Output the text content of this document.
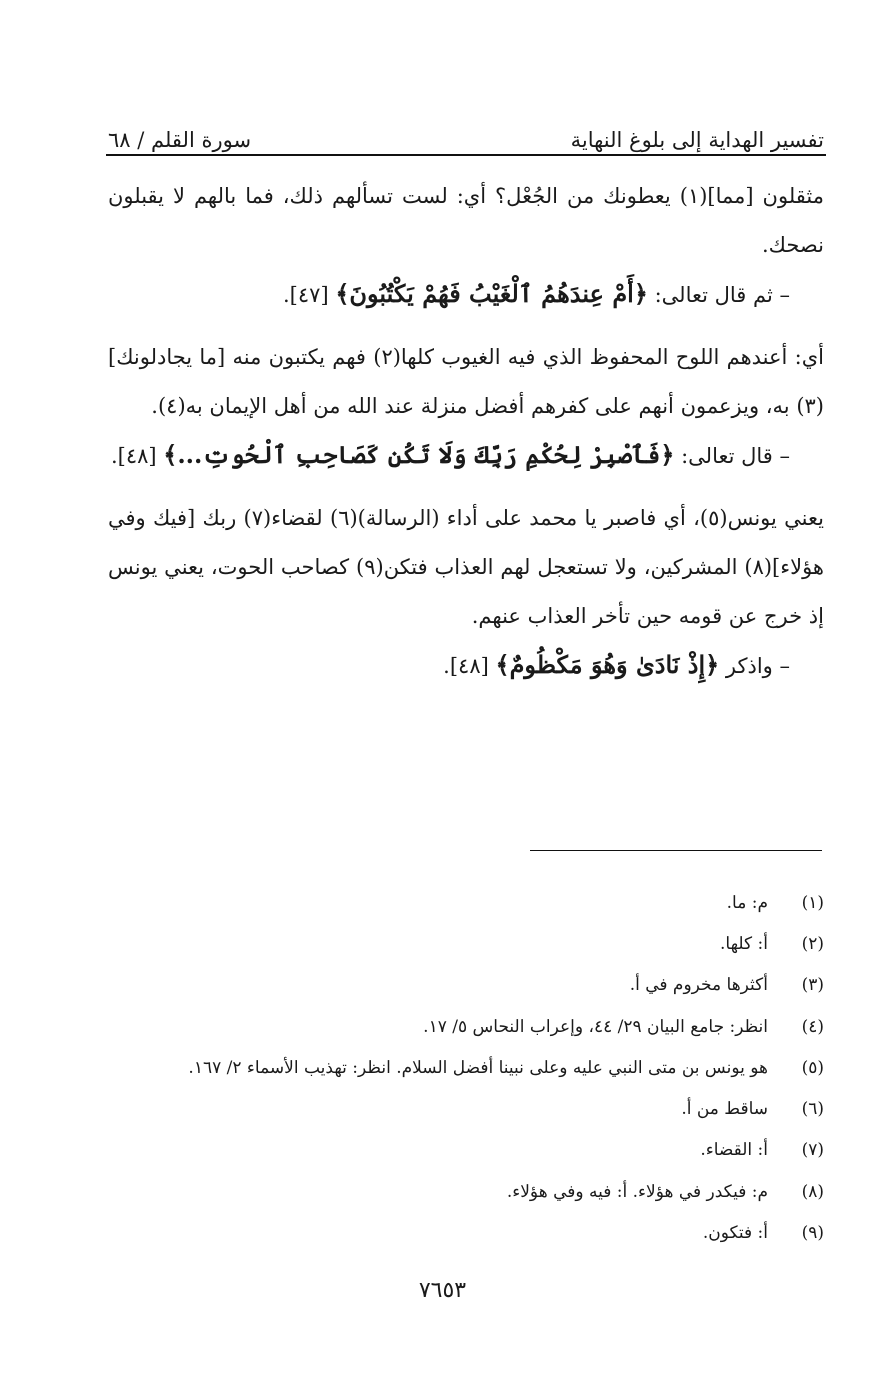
تفسير الهداية إلى بلوغ النهاية
سورة القلم / ٦٨

مثقلون [مما](١) يعطونك من الجُعْل؟ أي: لست تسألهم ذلك، فما بالهم لا يقبلون نصحك.

– ثم قال تعالى: ﴿أَمْ عِندَهُمُ ٱلْغَيْبُ فَهُمْ يَكْتُبُونَ﴾ [٤٧].

أي: أعندهم اللوح المحفوظ الذي فيه الغيوب كلها(٢) فهم يكتبون منه [ما يجادلونك](٣) به، ويزعمون أنهم على كفرهم أفضل منزلة عند الله من أهل الإيمان به(٤).

– قال تعالى: ﴿فَٱصْبِرْ لِحُكْمِ رَبِّكَ وَلَا تَكُن كَصَاحِبِ ٱلْحُوتِ...﴾ [٤٨].

يعني يونس(٥)، أي فاصبر يا محمد على أداء (الرسالة)(٦) لقضاء(٧) ربك [فيك وفي هؤلاء](٨) المشركين، ولا تستعجل لهم العذاب فتكن(٩) كصاحب الحوت، يعني يونس إذ خرج عن قومه حين تأخر العذاب عنهم.

– واذكر ﴿إِذْ نَادَىٰ وَهُوَ مَكْظُومٌ﴾ [٤٨].

(١)
م: ما.
(٢)
أ: كلها.
(٣)
أكثرها مخروم في أ.
(٤)
انظر: جامع البيان ٢٩/ ٤٤، وإعراب النحاس ٥/ ١٧.
(٥)
هو يونس بن متى النبي عليه وعلى نبينا أفضل السلام. انظر: تهذيب الأسماء ٢/ ١٦٧.
(٦)
ساقط من أ.
(٧)
أ: القضاء.
(٨)
م: فيكدر في هؤلاء. أ: فيه وفي هؤلاء.
(٩)
أ: فتكون.
٧٦٥٣
